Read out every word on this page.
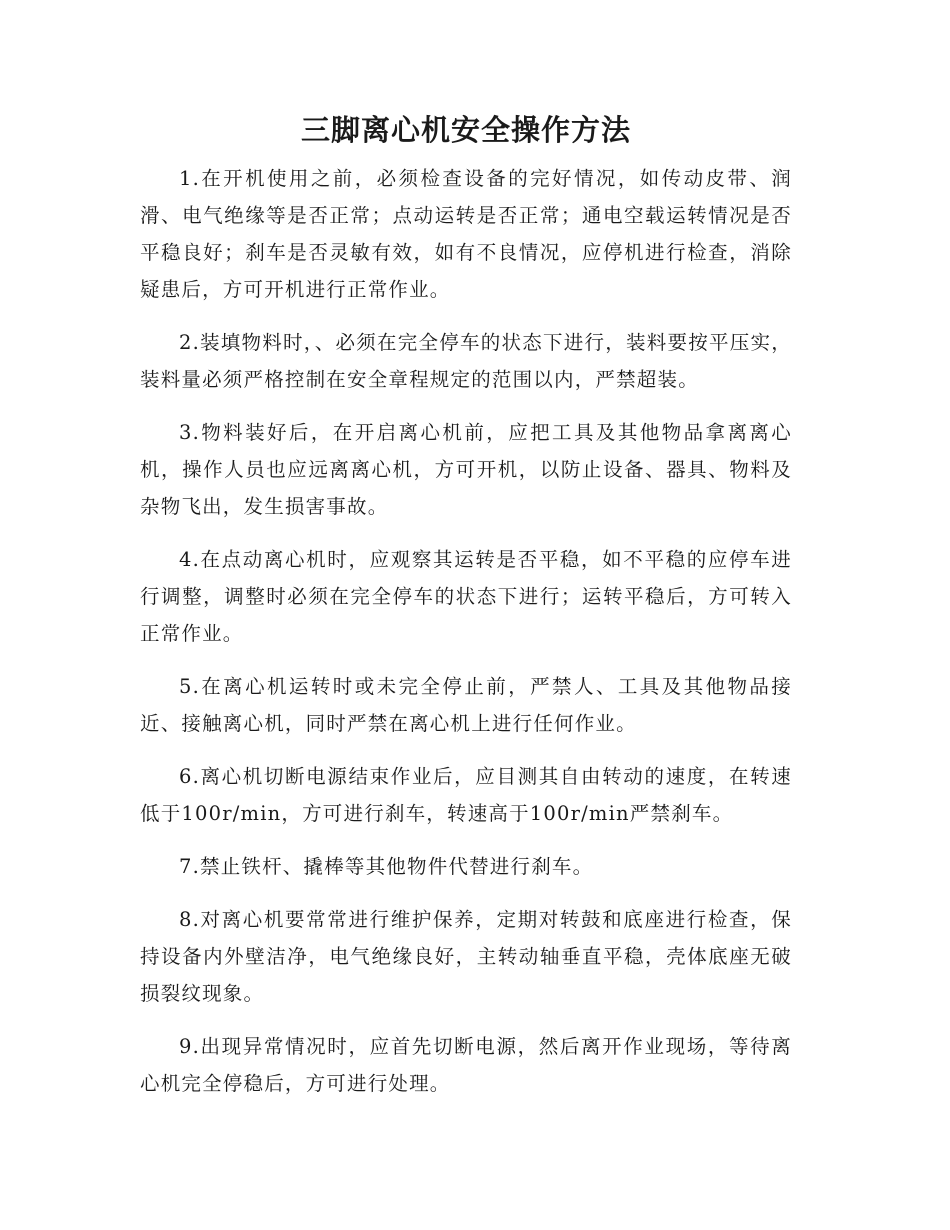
三脚离心机安全操作方法

1.在开机使用之前，必须检查设备的完好情况，如传动皮带、润滑、电气绝缘等是否正常；点动运转是否正常；通电空载运转情况是否平稳良好；刹车是否灵敏有效，如有不良情况，应停机进行检查，消除疑患后，方可开机进行正常作业。

2.装填物料时，、必须在完全停车的状态下进行，装料要按平压实，装料量必须严格控制在安全章程规定的范围以内，严禁超装。

3.物料装好后，在开启离心机前，应把工具及其他物品拿离离心机，操作人员也应远离离心机，方可开机，以防止设备、器具、物料及杂物飞出，发生损害事故。

4.在点动离心机时，应观察其运转是否平稳，如不平稳的应停车进行调整，调整时必须在完全停车的状态下进行；运转平稳后，方可转入正常作业。

5.在离心机运转时或未完全停止前，严禁人、工具及其他物品接近、接触离心机，同时严禁在离心机上进行任何作业。

6.离心机切断电源结束作业后，应目测其自由转动的速度，在转速低于100r/min，方可进行刹车，转速高于100r/min严禁刹车。

7.禁止铁杆、撬棒等其他物件代替进行刹车。

8.对离心机要常常进行维护保养，定期对转鼓和底座进行检查，保持设备内外壁洁净，电气绝缘良好，主转动轴垂直平稳，壳体底座无破损裂纹现象。

9.出现异常情况时，应首先切断电源，然后离开作业现场，等待离心机完全停稳后，方可进行处理。
